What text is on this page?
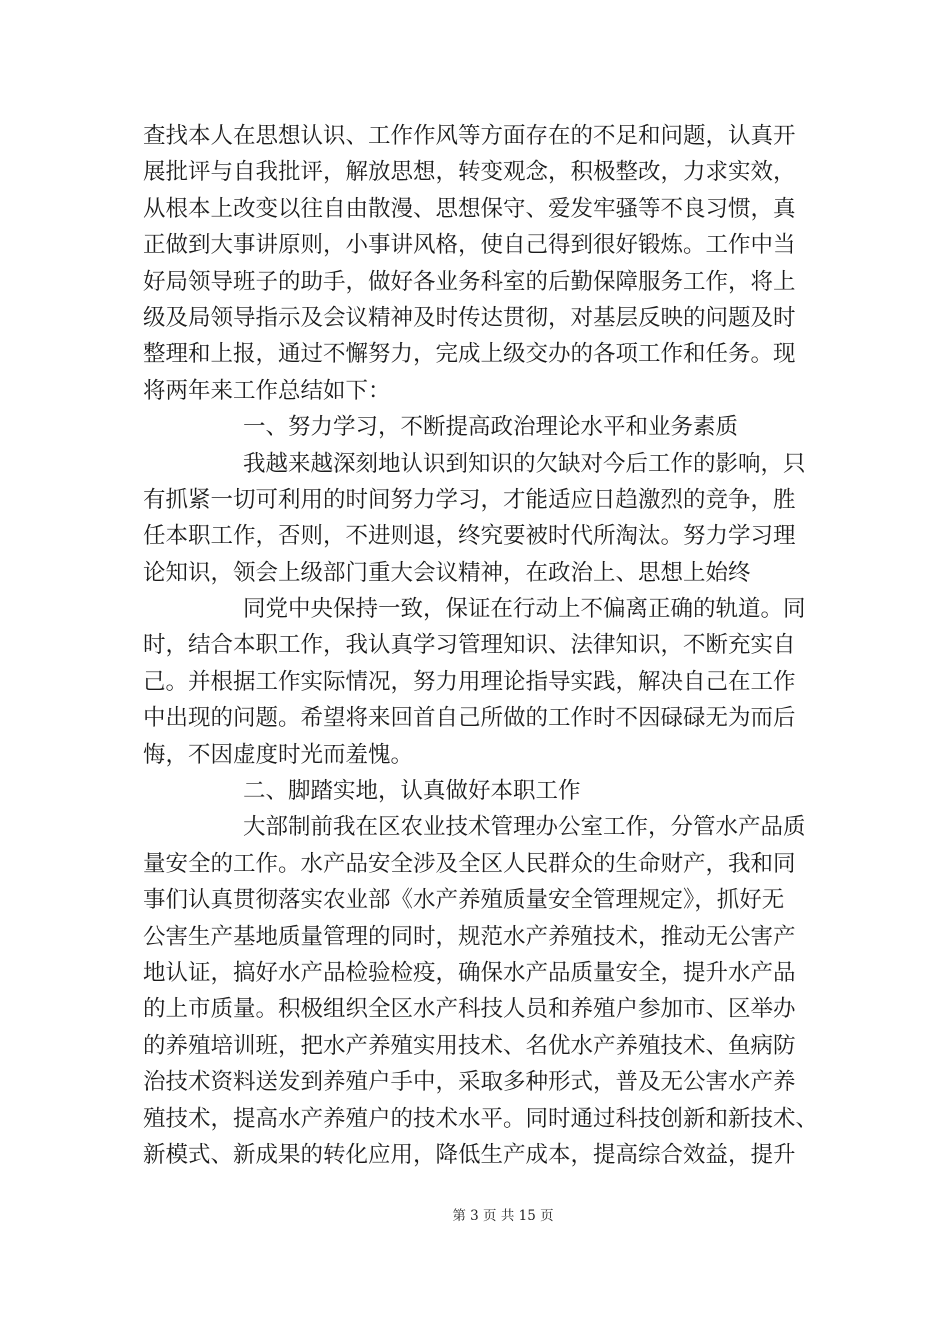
查找本人在思想认识、工作作风等方面存在的不足和问题，认真开
展批评与自我批评，解放思想，转变观念，积极整改，力求实效，
从根本上改变以往自由散漫、思想保守、爱发牢骚等不良习惯，真
正做到大事讲原则，小事讲风格，使自己得到很好锻炼。工作中当
好局领导班子的助手，做好各业务科室的后勤保障服务工作，将上
级及局领导指示及会议精神及时传达贯彻，对基层反映的问题及时
整理和上报，通过不懈努力，完成上级交办的各项工作和任务。现
将两年来工作总结如下：
一、努力学习，不断提高政治理论水平和业务素质
我越来越深刻地认识到知识的欠缺对今后工作的影响，只
有抓紧一切可利用的时间努力学习，才能适应日趋激烈的竞争，胜
任本职工作，否则，不进则退，终究要被时代所淘汰。努力学习理
论知识，领会上级部门重大会议精神，在政治上、思想上始终
同党中央保持一致，保证在行动上不偏离正确的轨道。同
时，结合本职工作，我认真学习管理知识、法律知识，不断充实自
己。并根据工作实际情况，努力用理论指导实践，解决自己在工作
中出现的问题。希望将来回首自己所做的工作时不因碌碌无为而后
悔，不因虚度时光而羞愧。
二、脚踏实地，认真做好本职工作
大部制前我在区农业技术管理办公室工作，分管水产品质
量安全的工作。水产品安全涉及全区人民群众的生命财产，我和同
事们认真贯彻落实农业部《水产养殖质量安全管理规定》，抓好无
公害生产基地质量管理的同时，规范水产养殖技术，推动无公害产
地认证，搞好水产品检验检疫，确保水产品质量安全，提升水产品
的上市质量。积极组织全区水产科技人员和养殖户参加市、区举办
的养殖培训班，把水产养殖实用技术、名优水产养殖技术、鱼病防
治技术资料送发到养殖户手中，采取多种形式，普及无公害水产养
殖技术，提高水产养殖户的技术水平。同时通过科技创新和新技术、
新模式、新成果的转化应用，降低生产成本，提高综合效益，提升
第 3 页 共 15 页
